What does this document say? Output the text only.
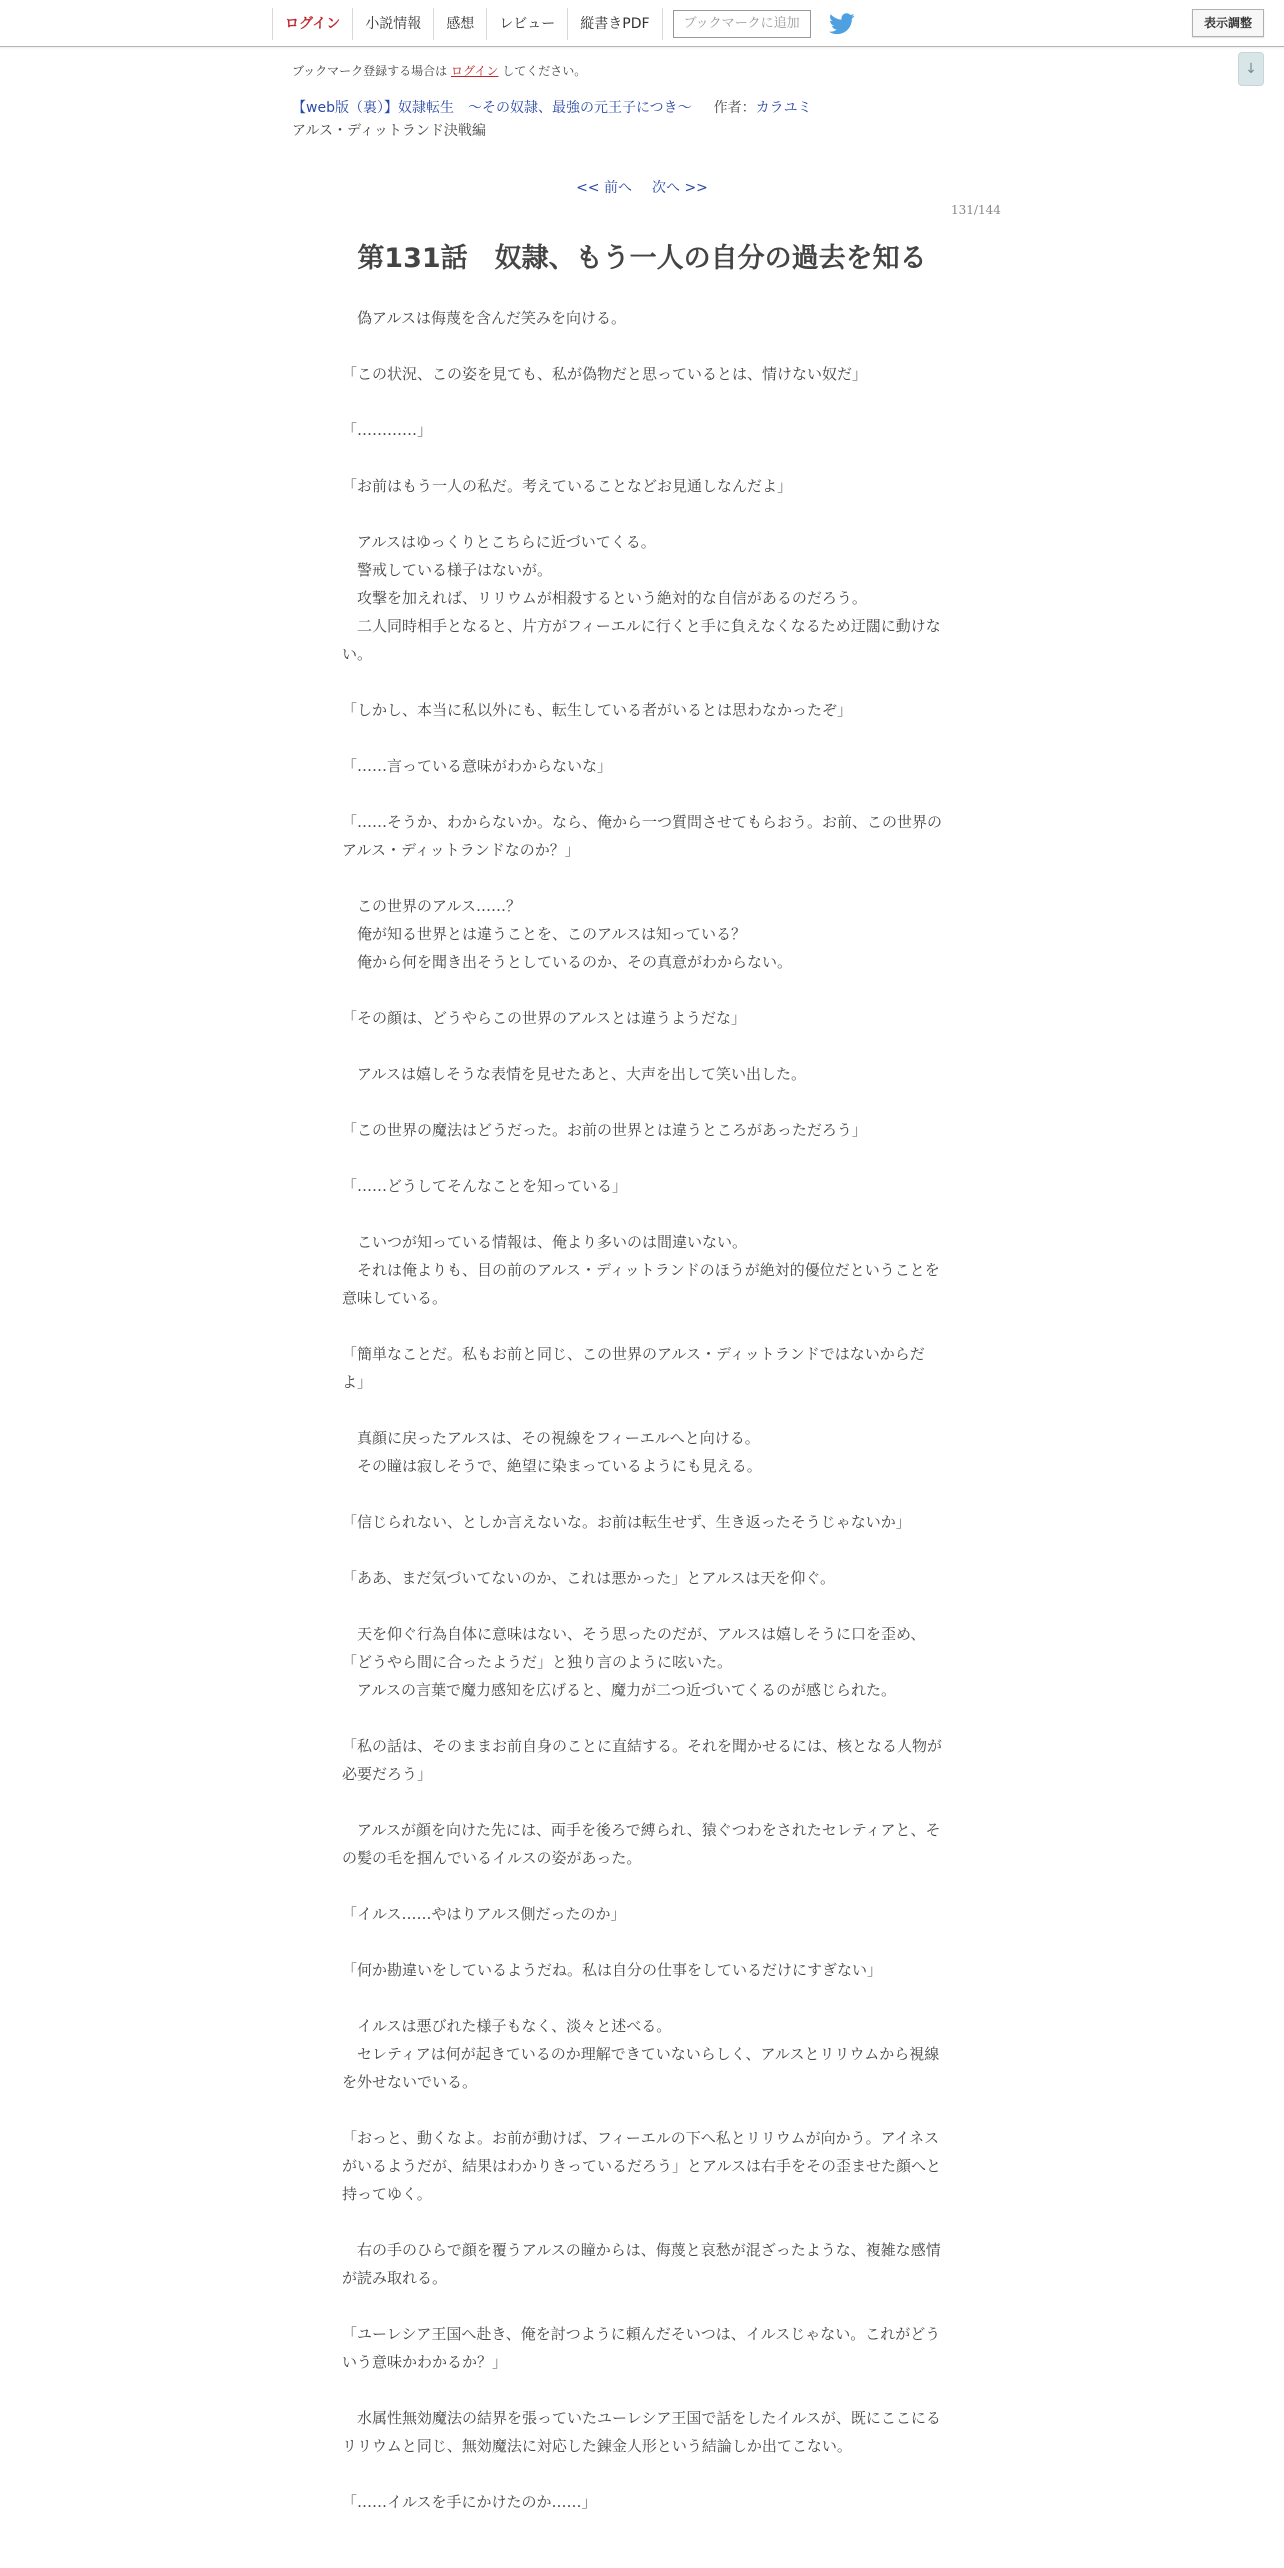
ログイン	小説情報	感想	レビュー	縦書きPDF	ブックマークに追加	表示調整
↓
ブックマーク登録する場合は ログイン してください。
【web版（裏）】奴隷転生　～その奴隷、最強の元王子につき～ 作者：カラユミ
アルス・ディットランド決戦編
<< 前へ 次へ >>
131/144
第131話　奴隷、もう一人の自分の過去を知る

　偽アルスは侮蔑を含んだ笑みを向ける。

「この状況、この姿を見ても、私が偽物だと思っているとは、情けない奴だ」

「…………」

「お前はもう一人の私だ。考えていることなどお見通しなんだよ」

　アルスはゆっくりとこちらに近づいてくる。

　警戒している様子はないが。

　攻撃を加えれば、リリウムが相殺するという絶対的な自信があるのだろう。

　二人同時相手となると、片方がフィーエルに行くと手に負えなくなるため迂闊に動けない。

「しかし、本当に私以外にも、転生している者がいるとは思わなかったぞ」

「……言っている意味がわからないな」

「……そうか、わからないか。なら、俺から一つ質問させてもらおう。お前、この世界のアルス・ディットランドなのか？」

　この世界のアルス……？

　俺が知る世界とは違うことを、このアルスは知っている？

　俺から何を聞き出そうとしているのか、その真意がわからない。

「その顔は、どうやらこの世界のアルスとは違うようだな」

　アルスは嬉しそうな表情を見せたあと、大声を出して笑い出した。

「この世界の魔法はどうだった。お前の世界とは違うところがあっただろう」

「……どうしてそんなことを知っている」

　こいつが知っている情報は、俺より多いのは間違いない。

　それは俺よりも、目の前のアルス・ディットランドのほうが絶対的優位だということを意味している。

「簡単なことだ。私もお前と同じ、この世界のアルス・ディットランドではないからだよ」

　真顔に戻ったアルスは、その視線をフィーエルへと向ける。

　その瞳は寂しそうで、絶望に染まっているようにも見える。

「信じられない、としか言えないな。お前は転生せず、生き返ったそうじゃないか」

「ああ、まだ気づいてないのか、これは悪かった」とアルスは天を仰ぐ。

　天を仰ぐ行為自体に意味はない、そう思ったのだが、アルスは嬉しそうに口を歪め、「どうやら間に合ったようだ」と独り言のように呟いた。

　アルスの言葉で魔力感知を広げると、魔力が二つ近づいてくるのが感じられた。

「私の話は、そのままお前自身のことに直結する。それを聞かせるには、核となる人物が必要だろう」

　アルスが顔を向けた先には、両手を後ろで縛られ、猿ぐつわをされたセレティアと、その髪の毛を掴んでいるイルスの姿があった。

「イルス……やはりアルス側だったのか」

「何か勘違いをしているようだね。私は自分の仕事をしているだけにすぎない」

　イルスは悪びれた様子もなく、淡々と述べる。

　セレティアは何が起きているのか理解できていないらしく、アルスとリリウムから視線を外せないでいる。

「おっと、動くなよ。お前が動けば、フィーエルの下へ私とリリウムが向かう。アイネスがいるようだが、結果はわかりきっているだろう」とアルスは右手をその歪ませた顔へと持ってゆく。

　右の手のひらで顔を覆うアルスの瞳からは、侮蔑と哀愁が混ざったような、複雑な感情が読み取れる。

「ユーレシア王国へ赴き、俺を討つように頼んだそいつは、イルスじゃない。これがどういう意味かわかるか？」

　水属性無効魔法の結界を張っていたユーレシア王国で話をしたイルスが、既にここにるリリウムと同じ、無効魔法に対応した錬金人形という結論しか出てこない。

「……イルスを手にかけたのか……」
